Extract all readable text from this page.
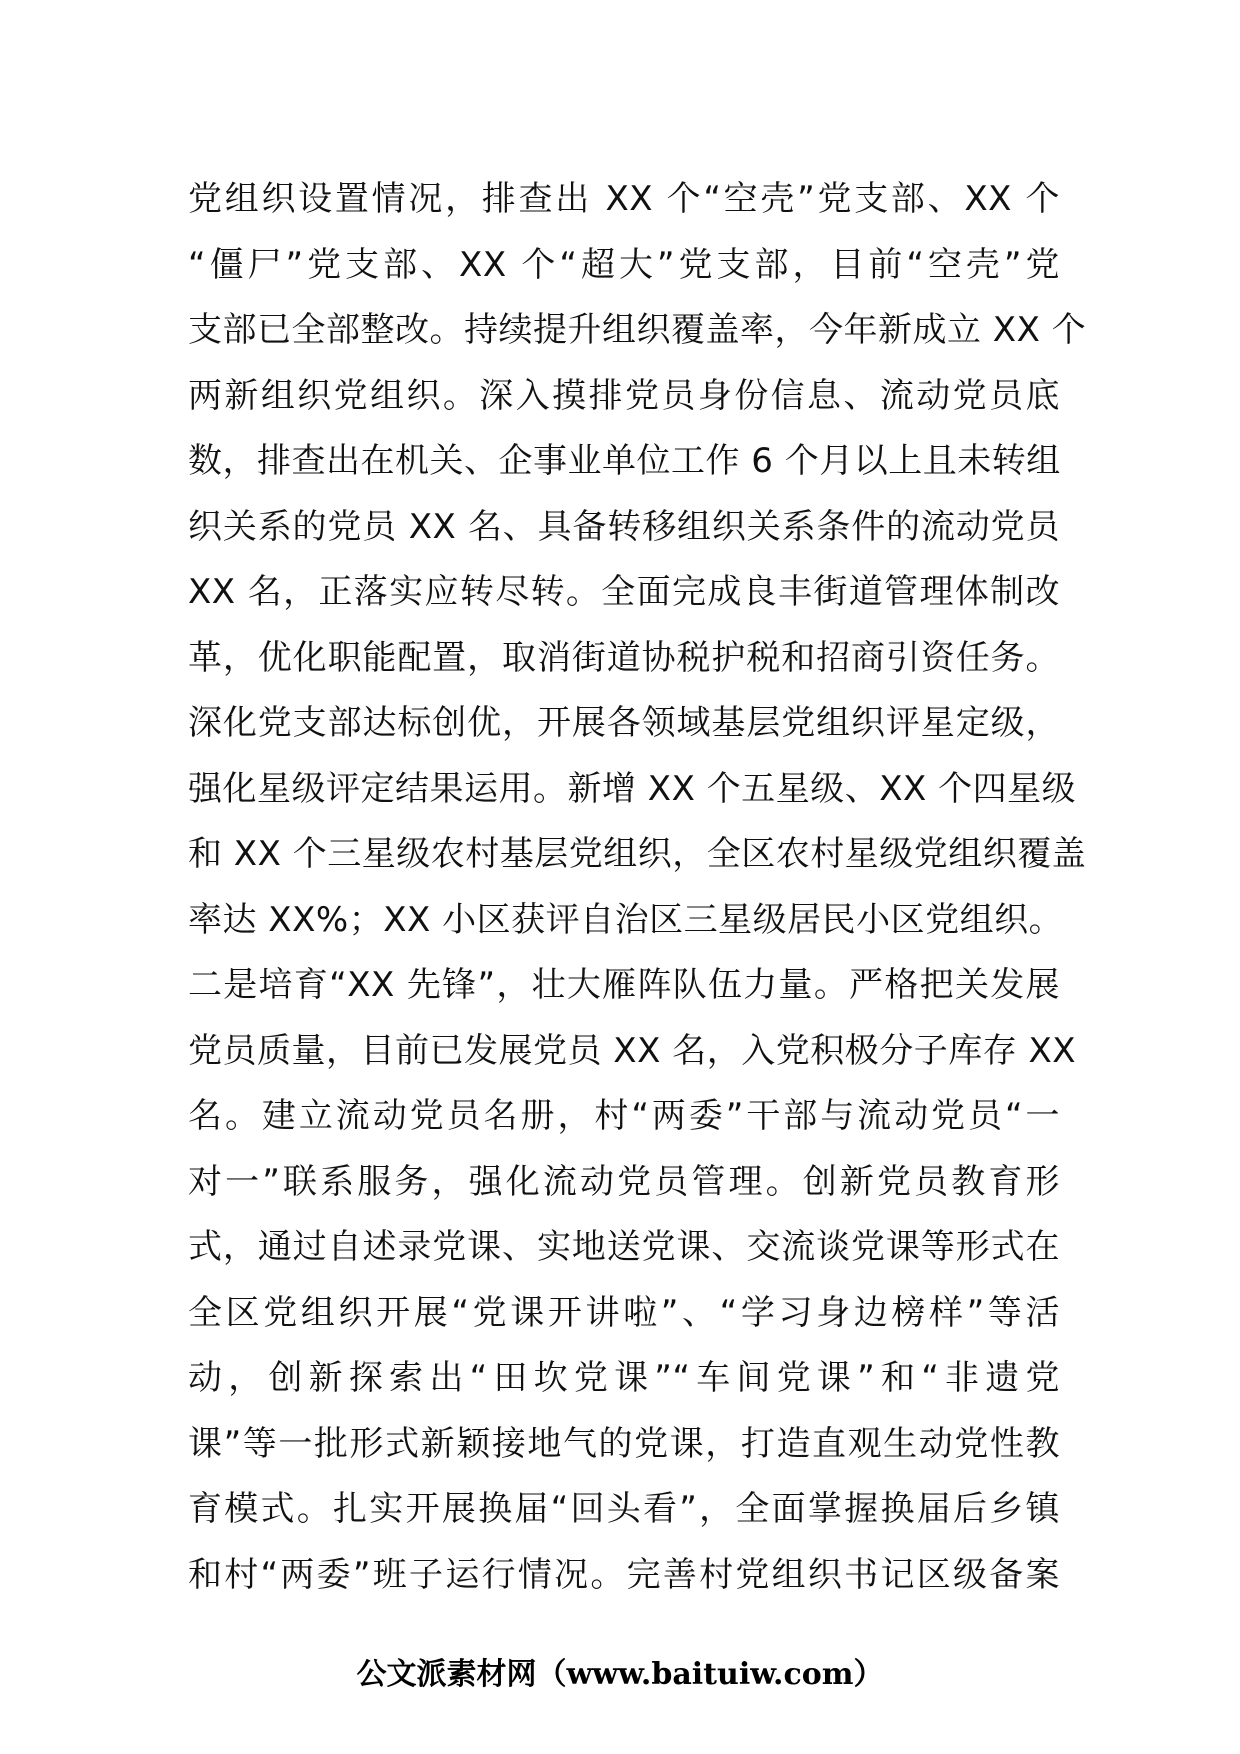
党组织设置情况，排查出 XX 个“空壳”党支部、XX 个
“僵尸”党支部、XX 个“超大”党支部，目前“空壳”党
支部已全部整改。持续提升组织覆盖率，今年新成立 XX 个
两新组织党组织。深入摸排党员身份信息、流动党员底
数，排查出在机关、企事业单位工作 6 个月以上且未转组
织关系的党员 XX 名、具备转移组织关系条件的流动党员
XX 名，正落实应转尽转。全面完成良丰街道管理体制改
革，优化职能配置，取消街道协税护税和招商引资任务。
深化党支部达标创优，开展各领域基层党组织评星定级，
强化星级评定结果运用。新增 XX 个五星级、XX 个四星级
和 XX 个三星级农村基层党组织，全区农村星级党组织覆盖
率达 XX%；XX 小区获评自治区三星级居民小区党组织。
二是培育“XX 先锋”，壮大雁阵队伍力量。严格把关发展
党员质量，目前已发展党员 XX 名，入党积极分子库存 XX
名。建立流动党员名册，村“两委”干部与流动党员“一
对一”联系服务，强化流动党员管理。创新党员教育形
式，通过自述录党课、实地送党课、交流谈党课等形式在
全区党组织开展“党课开讲啦”、“学习身边榜样”等活
动，创新探索出“田坎党课”“车间党课”和“非遗党
课”等一批形式新颖接地气的党课，打造直观生动党性教
育模式。扎实开展换届“回头看”，全面掌握换届后乡镇
和村“两委”班子运行情况。完善村党组织书记区级备案
公文派素材网（www.baituiw.com）
